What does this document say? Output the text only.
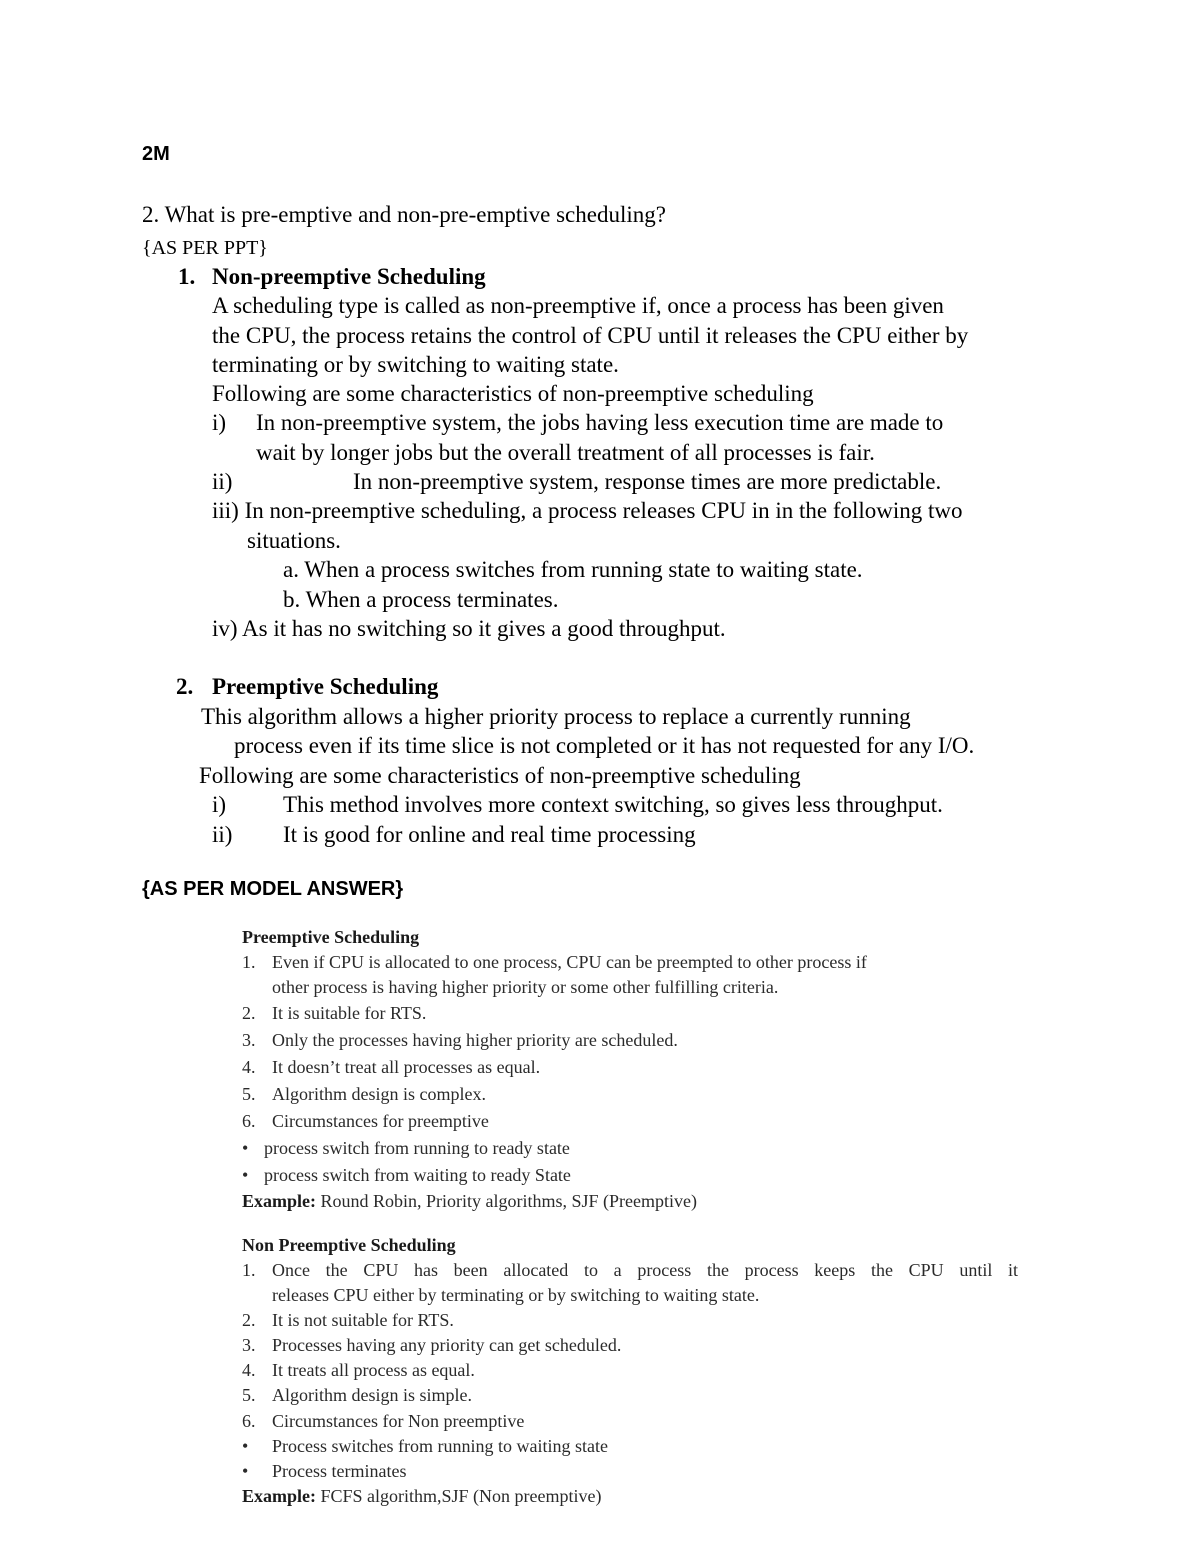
2M
2. What is pre-emptive and non-pre-emptive scheduling?
{AS PER PPT}
1. Non-preemptive Scheduling
A scheduling type is called as non-preemptive if, once a process has been given
the CPU, the process retains the control of CPU until it releases the CPU either by
terminating or by switching to waiting state.
Following are some characteristics of non-preemptive scheduling
i) In non-preemptive system, the jobs having less execution time are made to
wait by longer jobs but the overall treatment of all processes is fair.
ii)	In non-preemptive system, response times are more predictable.
iii) In non-preemptive scheduling, a process releases CPU in in the following two
situations.
a. When a process switches from running state to waiting state.
b. When a process terminates.
iv) As it has no switching so it gives a good throughput.
2. Preemptive Scheduling
This algorithm allows a higher priority process to replace a currently running
process even if its time slice is not completed or it has not requested for any I/O.
Following are some characteristics of non-preemptive scheduling
i) This method involves more context switching, so gives less throughput.
ii) It is good for online and real time processing
{AS PER MODEL ANSWER}
Preemptive Scheduling
1. Even if CPU is allocated to one process, CPU can be preempted to other process if
other process is having higher priority or some other fulfilling criteria.
2. It is suitable for RTS.
3. Only the processes having higher priority are scheduled.
4. It doesn’t treat all processes as equal.
5. Algorithm design is complex.
6. Circumstances for preemptive
• process switch from running to ready state
• process switch from waiting to ready State
Example: Round Robin, Priority algorithms, SJF (Preemptive)
Non Preemptive Scheduling
1. Once the CPU has been allocated to a process the process keeps the CPU until it
releases CPU either by terminating or by switching to waiting state.
2. It is not suitable for RTS.
3. Processes having any priority can get scheduled.
4. It treats all process as equal.
5. Algorithm design is simple.
6. Circumstances for Non preemptive
• Process switches from running to waiting state
• Process terminates
Example: FCFS algorithm,SJF (Non preemptive)
